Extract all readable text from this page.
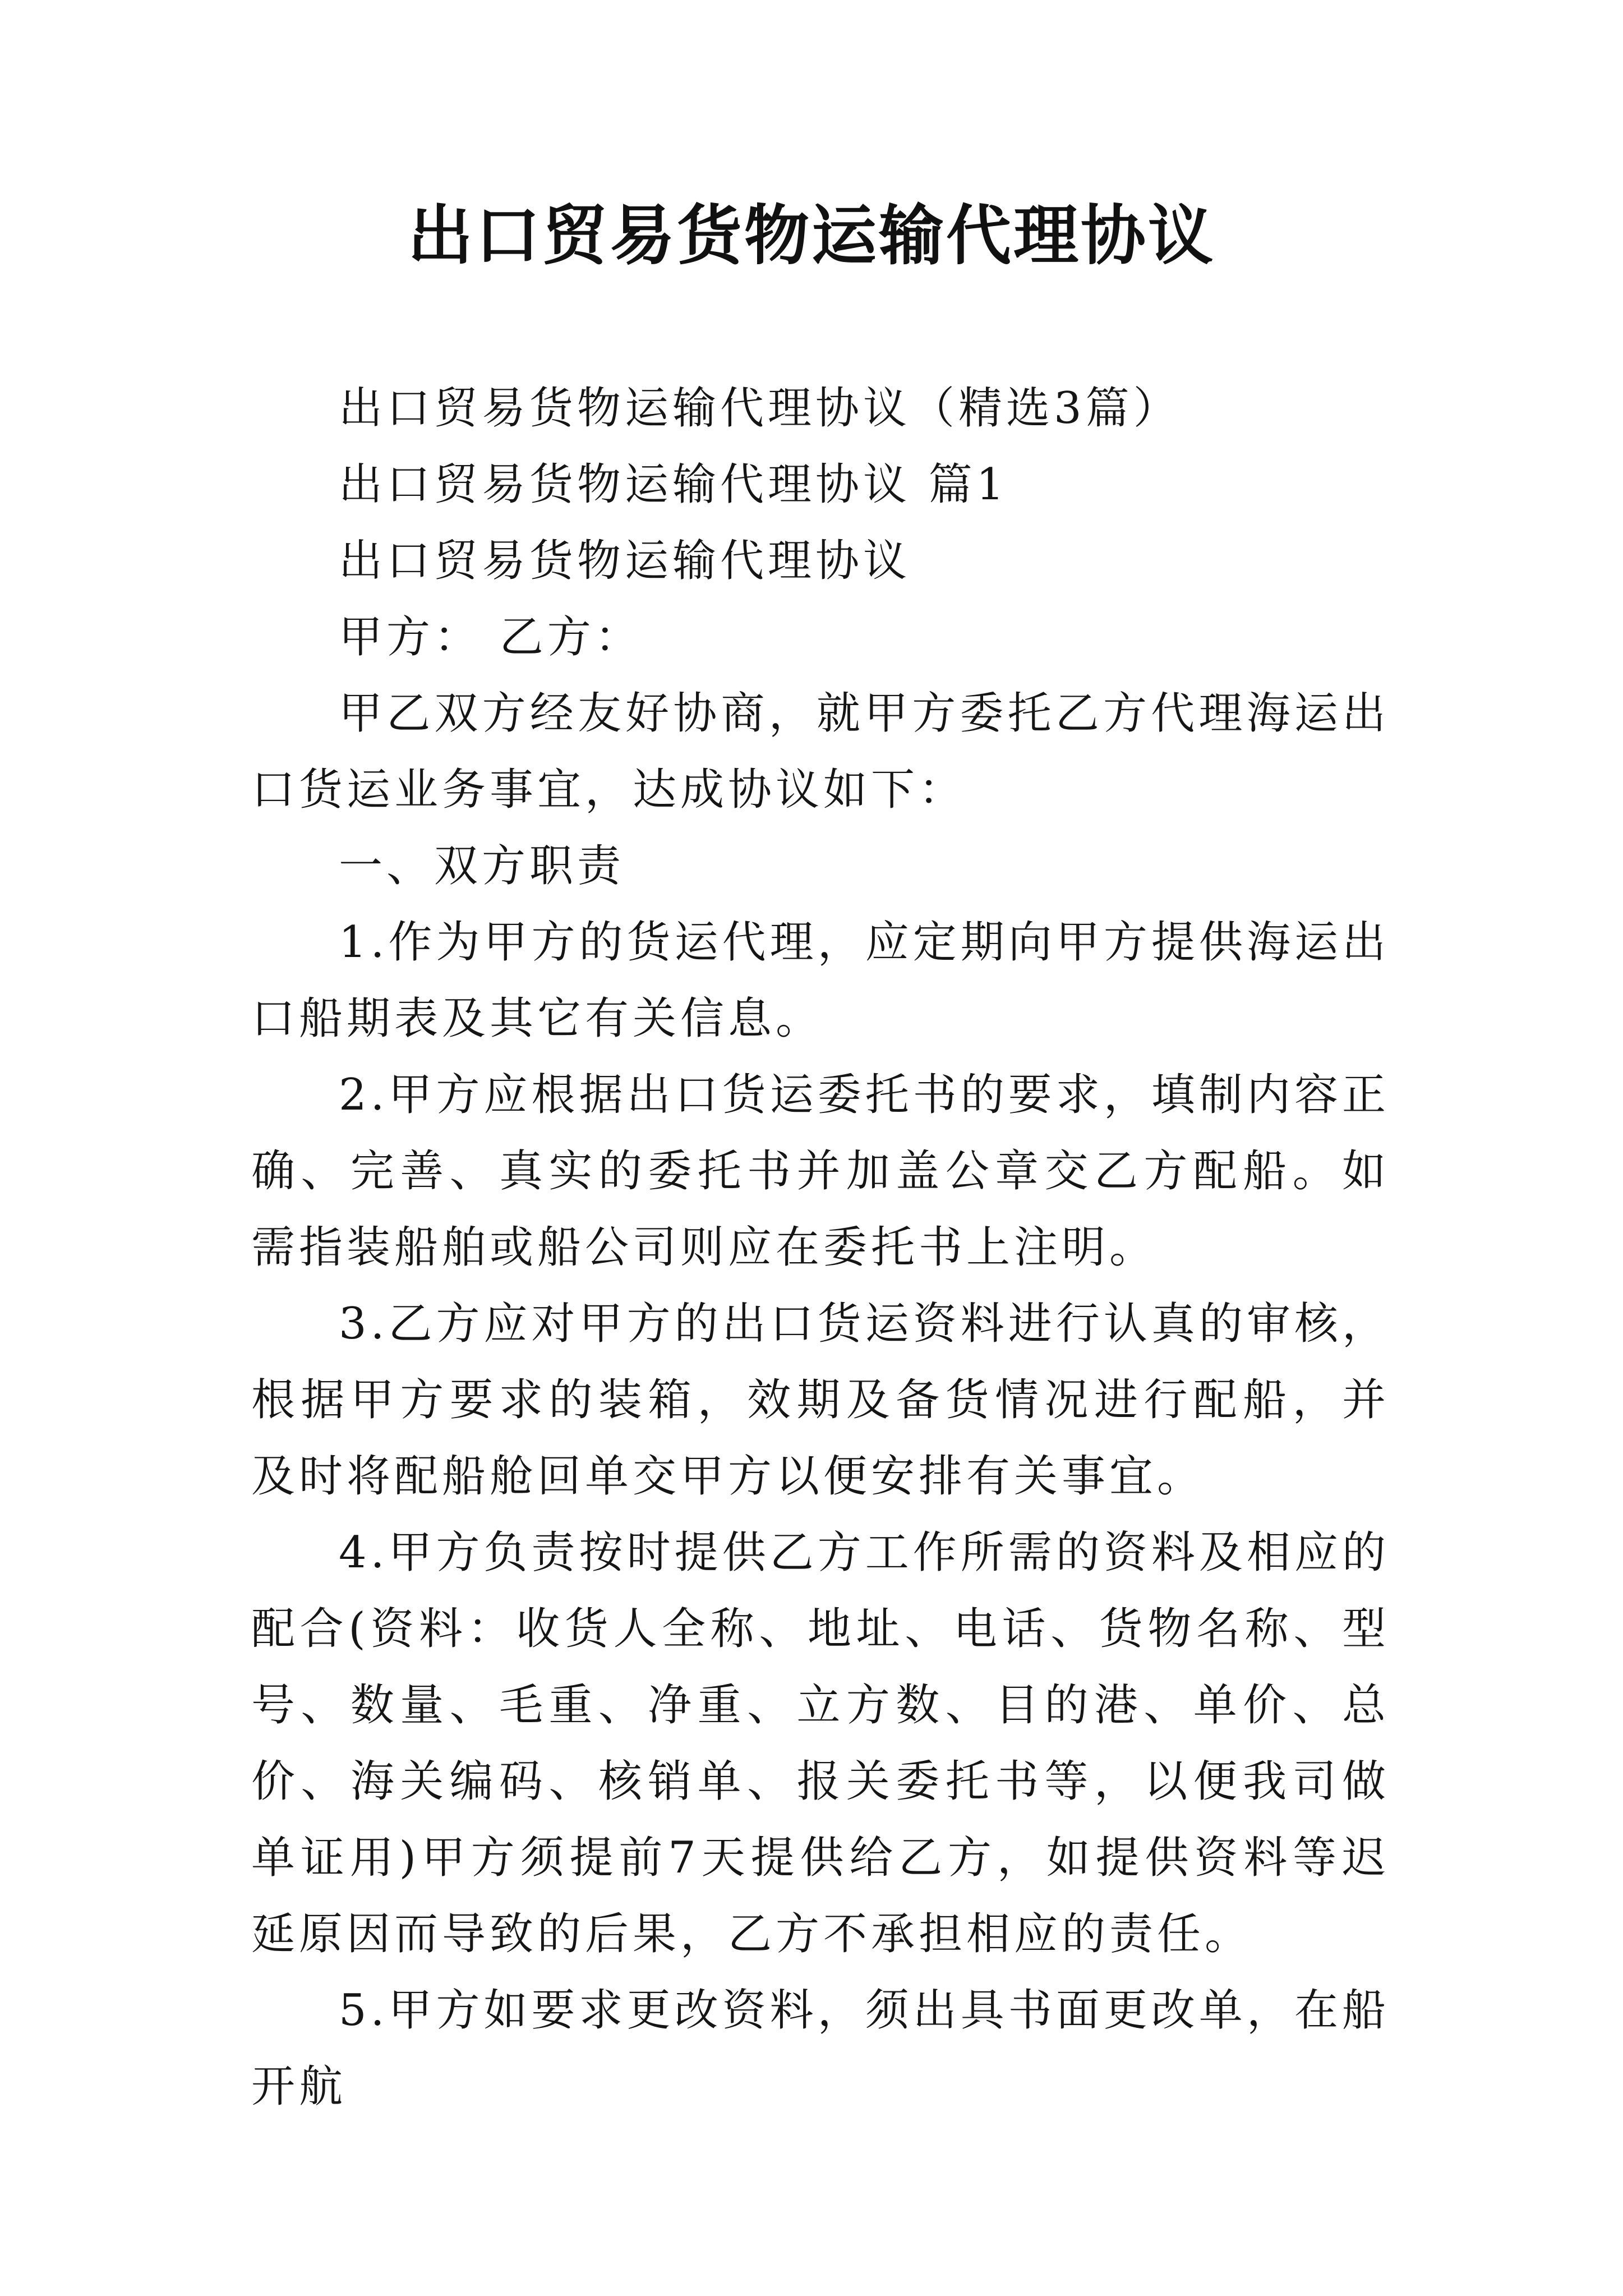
出口贸易货物运输代理协议

出口贸易货物运输代理协议（精选3篇）

出口贸易货物运输代理协议 篇1

出口贸易货物运输代理协议

甲方： 乙方：

甲乙双方经友好协商，就甲方委托乙方代理海运出口货运业务事宜，达成协议如下：

一、双方职责

1.作为甲方的货运代理，应定期向甲方提供海运出口船期表及其它有关信息。

2.甲方应根据出口货运委托书的要求，填制内容正确、完善、真实的委托书并加盖公章交乙方配船。如需指装船舶或船公司则应在委托书上注明。

3.乙方应对甲方的出口货运资料进行认真的审核，根据甲方要求的装箱，效期及备货情况进行配船，并及时将配船舱回单交甲方以便安排有关事宜。

4.甲方负责按时提供乙方工作所需的资料及相应的配合(资料：收货人全称、地址、电话、货物名称、型号、数量、毛重、净重、立方数、目的港、单价、总价、海关编码、核销单、报关委托书等，以便我司做单证用)甲方须提前7天提供给乙方，如提供资料等迟延原因而导致的后果，乙方不承担相应的责任。

5.甲方如要求更改资料，须出具书面更改单，在船开航
